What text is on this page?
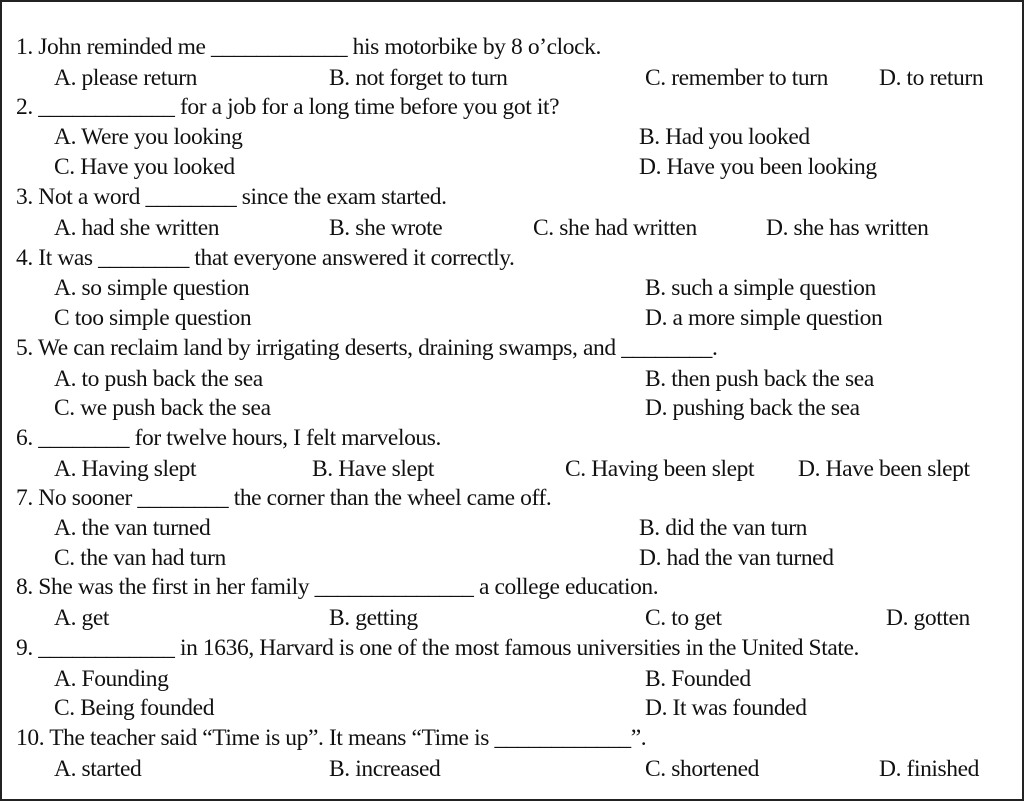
1. John reminded me ____________ his motorbike by 8 o’clock.
A. please return	B. not forget to turn	C. remember to turn D. to return
2. ____________ for a job for a long time before you got it?
A. Were you looking	B. Had you looked
C. Have you looked	D. Have you been looking
3. Not a word ________ since the exam started.
A. had she written	B. she wrote	C. she had written	D. she has written
4. It was ________ that everyone answered it correctly.
A. so simple question	B. such a simple question
C too simple question	D. a more simple question
5. We can reclaim land by irrigating deserts, draining swamps, and ________.
A. to push back the sea	B. then push back the sea
C. we push back the sea	D. pushing back the sea
6. ________ for twelve hours, I felt marvelous.
A. Having slept	B. Have slept	C. Having been slept D. Have been slept
7. No sooner ________ the corner than the wheel came off.
A. the van turned	B. did the van turn
C. the van had turn	D. had the van turned
8. She was the first in her family ______________ a college education.
A. get	B. getting	C. to get	D. gotten
9. ____________ in 1636, Harvard is one of the most famous universities in the United State.
A. Founding	B. Founded
C. Being founded	D. It was founded
10. The teacher said “Time is up”. It means “Time is ____________”.
A. started	B. increased	C. shortened	D. finished
